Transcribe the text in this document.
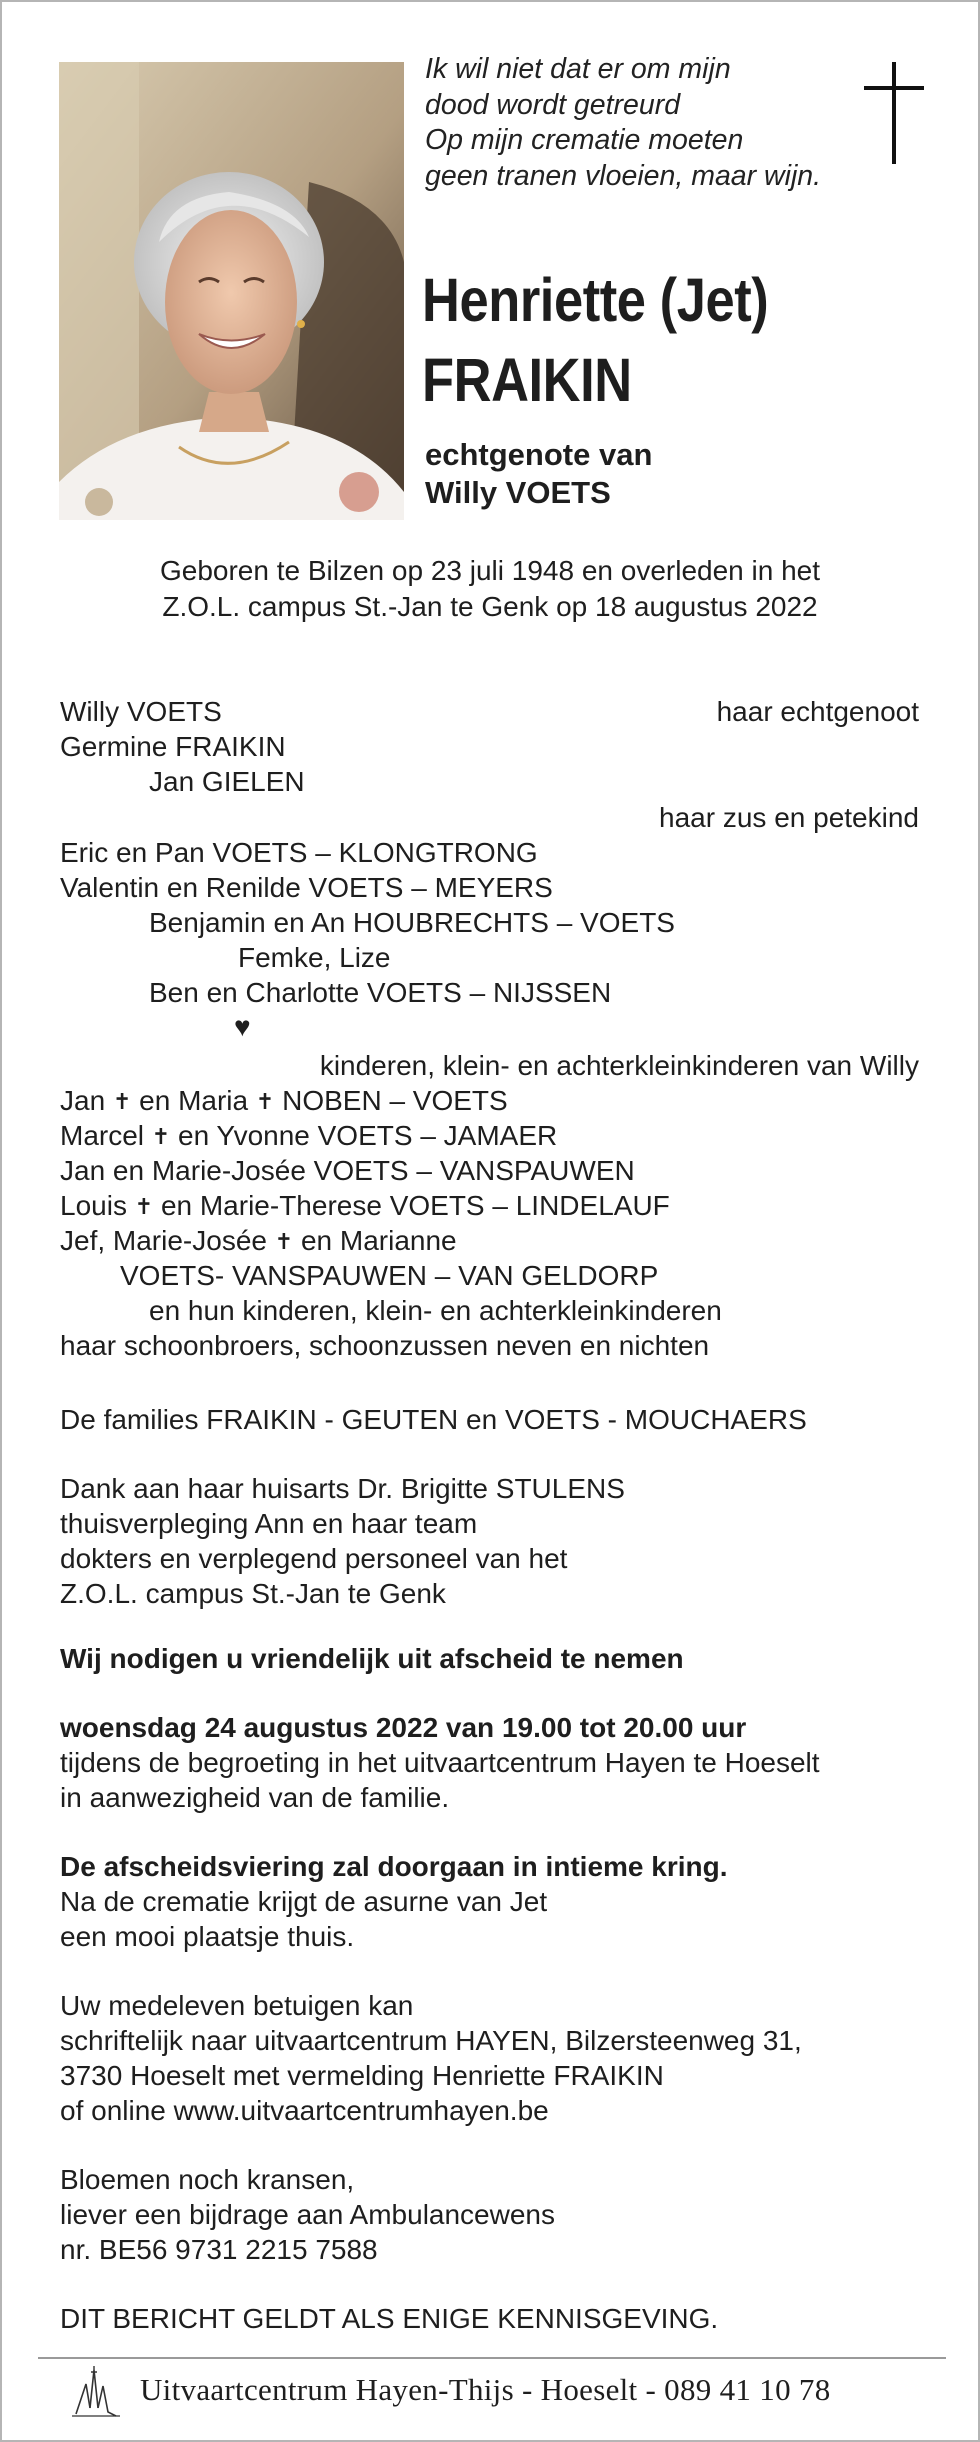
Ik wil niet dat er om mijn
dood wordt getreurd
Op mijn crematie moeten
geen tranen vloeien, maar wijn.
Henriette (Jet)
FRAIKIN
echtgenote van
Willy VOETS
Geboren te Bilzen op 23 juli 1948 en overleden in het
Z.O.L. campus St.-Jan te Genk op 18 augustus 2022
Willy VOETS	haar echtgenoot
Germine FRAIKIN
Jan GIELEN
haar zus en petekind
Eric en Pan VOETS – KLONGTRONG
Valentin en Renilde VOETS – MEYERS
Benjamin en An HOUBRECHTS – VOETS
Femke, Lize
Ben en Charlotte VOETS – NIJSSEN
♥
kinderen, klein- en achterkleinkinderen van Willy
Jan ✝ en Maria ✝ NOBEN – VOETS
Marcel ✝ en Yvonne VOETS – JAMAER
Jan en Marie-Josée VOETS – VANSPAUWEN
Louis ✝ en Marie-Therese VOETS – LINDELAUF
Jef, Marie-Josée ✝ en Marianne
VOETS- VANSPAUWEN – VAN GELDORP
en hun kinderen, klein- en achterkleinkinderen
haar schoonbroers, schoonzussen neven en nichten
De families FRAIKIN - GEUTEN en VOETS - MOUCHAERS
Dank aan haar huisarts Dr. Brigitte STULENS
thuisverpleging Ann en haar team
dokters en verplegend personeel van het
Z.O.L. campus St.-Jan te Genk
Wij nodigen u vriendelijk uit afscheid te nemen
woensdag 24 augustus 2022 van 19.00 tot 20.00 uur
tijdens de begroeting in het uitvaartcentrum Hayen te Hoeselt
in aanwezigheid van de familie.
De afscheidsviering zal doorgaan in intieme kring.
Na de crematie krijgt de asurne van Jet
een mooi plaatsje thuis.
Uw medeleven betuigen kan
schriftelijk naar uitvaartcentrum HAYEN, Bilzersteenweg 31,
3730 Hoeselt met vermelding Henriette FRAIKIN
of online www.uitvaartcentrumhayen.be
Bloemen noch kransen,
liever een bijdrage aan Ambulancewens
nr. BE56 9731 2215 7588
DIT BERICHT GELDT ALS ENIGE KENNISGEVING.
Uitvaartcentrum Hayen-Thijs - Hoeselt - 089 41 10 78
